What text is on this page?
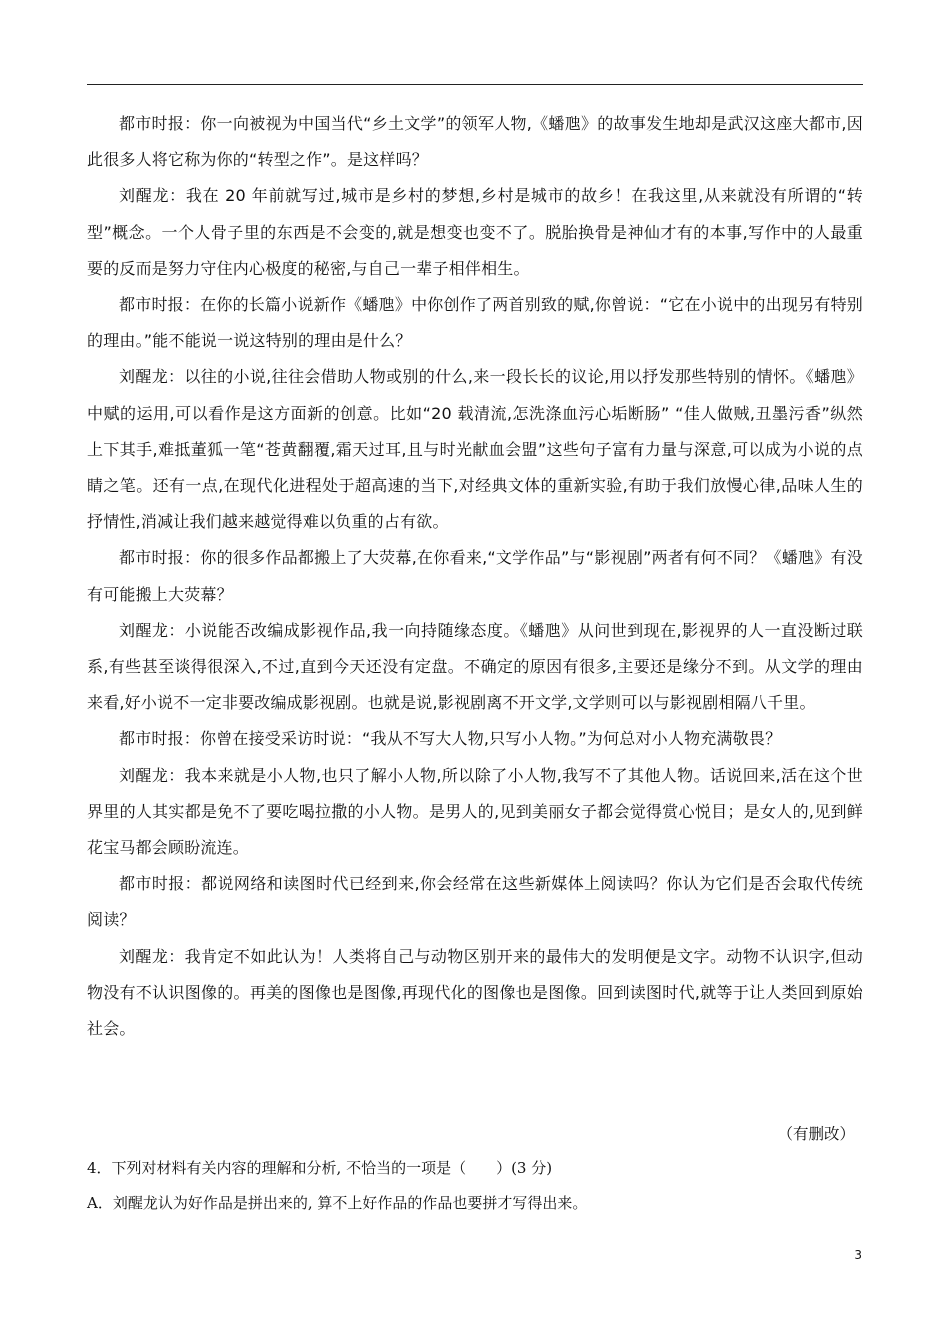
都市时报：你一向被视为中国当代“乡土文学”的领军人物,《蟠虺》的故事发生地却是武汉这座大都市,因此很多人将它称为你的“转型之作”。是这样吗？

刘醒龙：我在 20 年前就写过,城市是乡村的梦想,乡村是城市的故乡！在我这里,从来就没有所谓的“转型”概念。一个人骨子里的东西是不会变的,就是想变也变不了。脱胎换骨是神仙才有的本事,写作中的人最重要的反而是努力守住内心极度的秘密,与自己一辈子相伴相生。

都市时报：在你的长篇小说新作《蟠虺》中你创作了两首别致的赋,你曾说：“它在小说中的出现另有特别的理由。”能不能说一说这特别的理由是什么？

刘醒龙：以往的小说,往往会借助人物或别的什么,来一段长长的议论,用以抒发那些特别的情怀。《蟠虺》中赋的运用,可以看作是这方面新的创意。比如“20 载清流,怎洗涤血污心垢断肠” “佳人做贼,丑墨污香”纵然上下其手,难抵董狐一笔“苍黄翻覆,霜天过耳,且与时光献血会盟”这些句子富有力量与深意,可以成为小说的点睛之笔。还有一点,在现代化进程处于超高速的当下,对经典文体的重新实验,有助于我们放慢心律,品味人生的抒情性,消减让我们越来越觉得难以负重的占有欲。

都市时报：你的很多作品都搬上了大荧幕,在你看来,“文学作品”与“影视剧”两者有何不同？《蟠虺》有没有可能搬上大荧幕？

刘醒龙：小说能否改编成影视作品,我一向持随缘态度。《蟠虺》从问世到现在,影视界的人一直没断过联系,有些甚至谈得很深入,不过,直到今天还没有定盘。不确定的原因有很多,主要还是缘分不到。从文学的理由来看,好小说不一定非要改编成影视剧。也就是说,影视剧离不开文学,文学则可以与影视剧相隔八千里。

都市时报：你曾在接受采访时说：“我从不写大人物,只写小人物。”为何总对小人物充满敬畏？

刘醒龙：我本来就是小人物,也只了解小人物,所以除了小人物,我写不了其他人物。话说回来,活在这个世界里的人其实都是免不了要吃喝拉撒的小人物。是男人的,见到美丽女子都会觉得赏心悦目；是女人的,见到鲜花宝马都会顾盼流连。

都市时报：都说网络和读图时代已经到来,你会经常在这些新媒体上阅读吗？你认为它们是否会取代传统阅读？

刘醒龙：我肯定不如此认为！人类将自己与动物区别开来的最伟大的发明便是文字。动物不认识字,但动物没有不认识图像的。再美的图像也是图像,再现代化的图像也是图像。回到读图时代,就等于让人类回到原始社会。

（有删改）
4．下列对材料有关内容的理解和分析, 不恰当的一项是（　　）(3 分)
A．刘醒龙认为好作品是拼出来的, 算不上好作品的作品也要拼才写得出来。
3
